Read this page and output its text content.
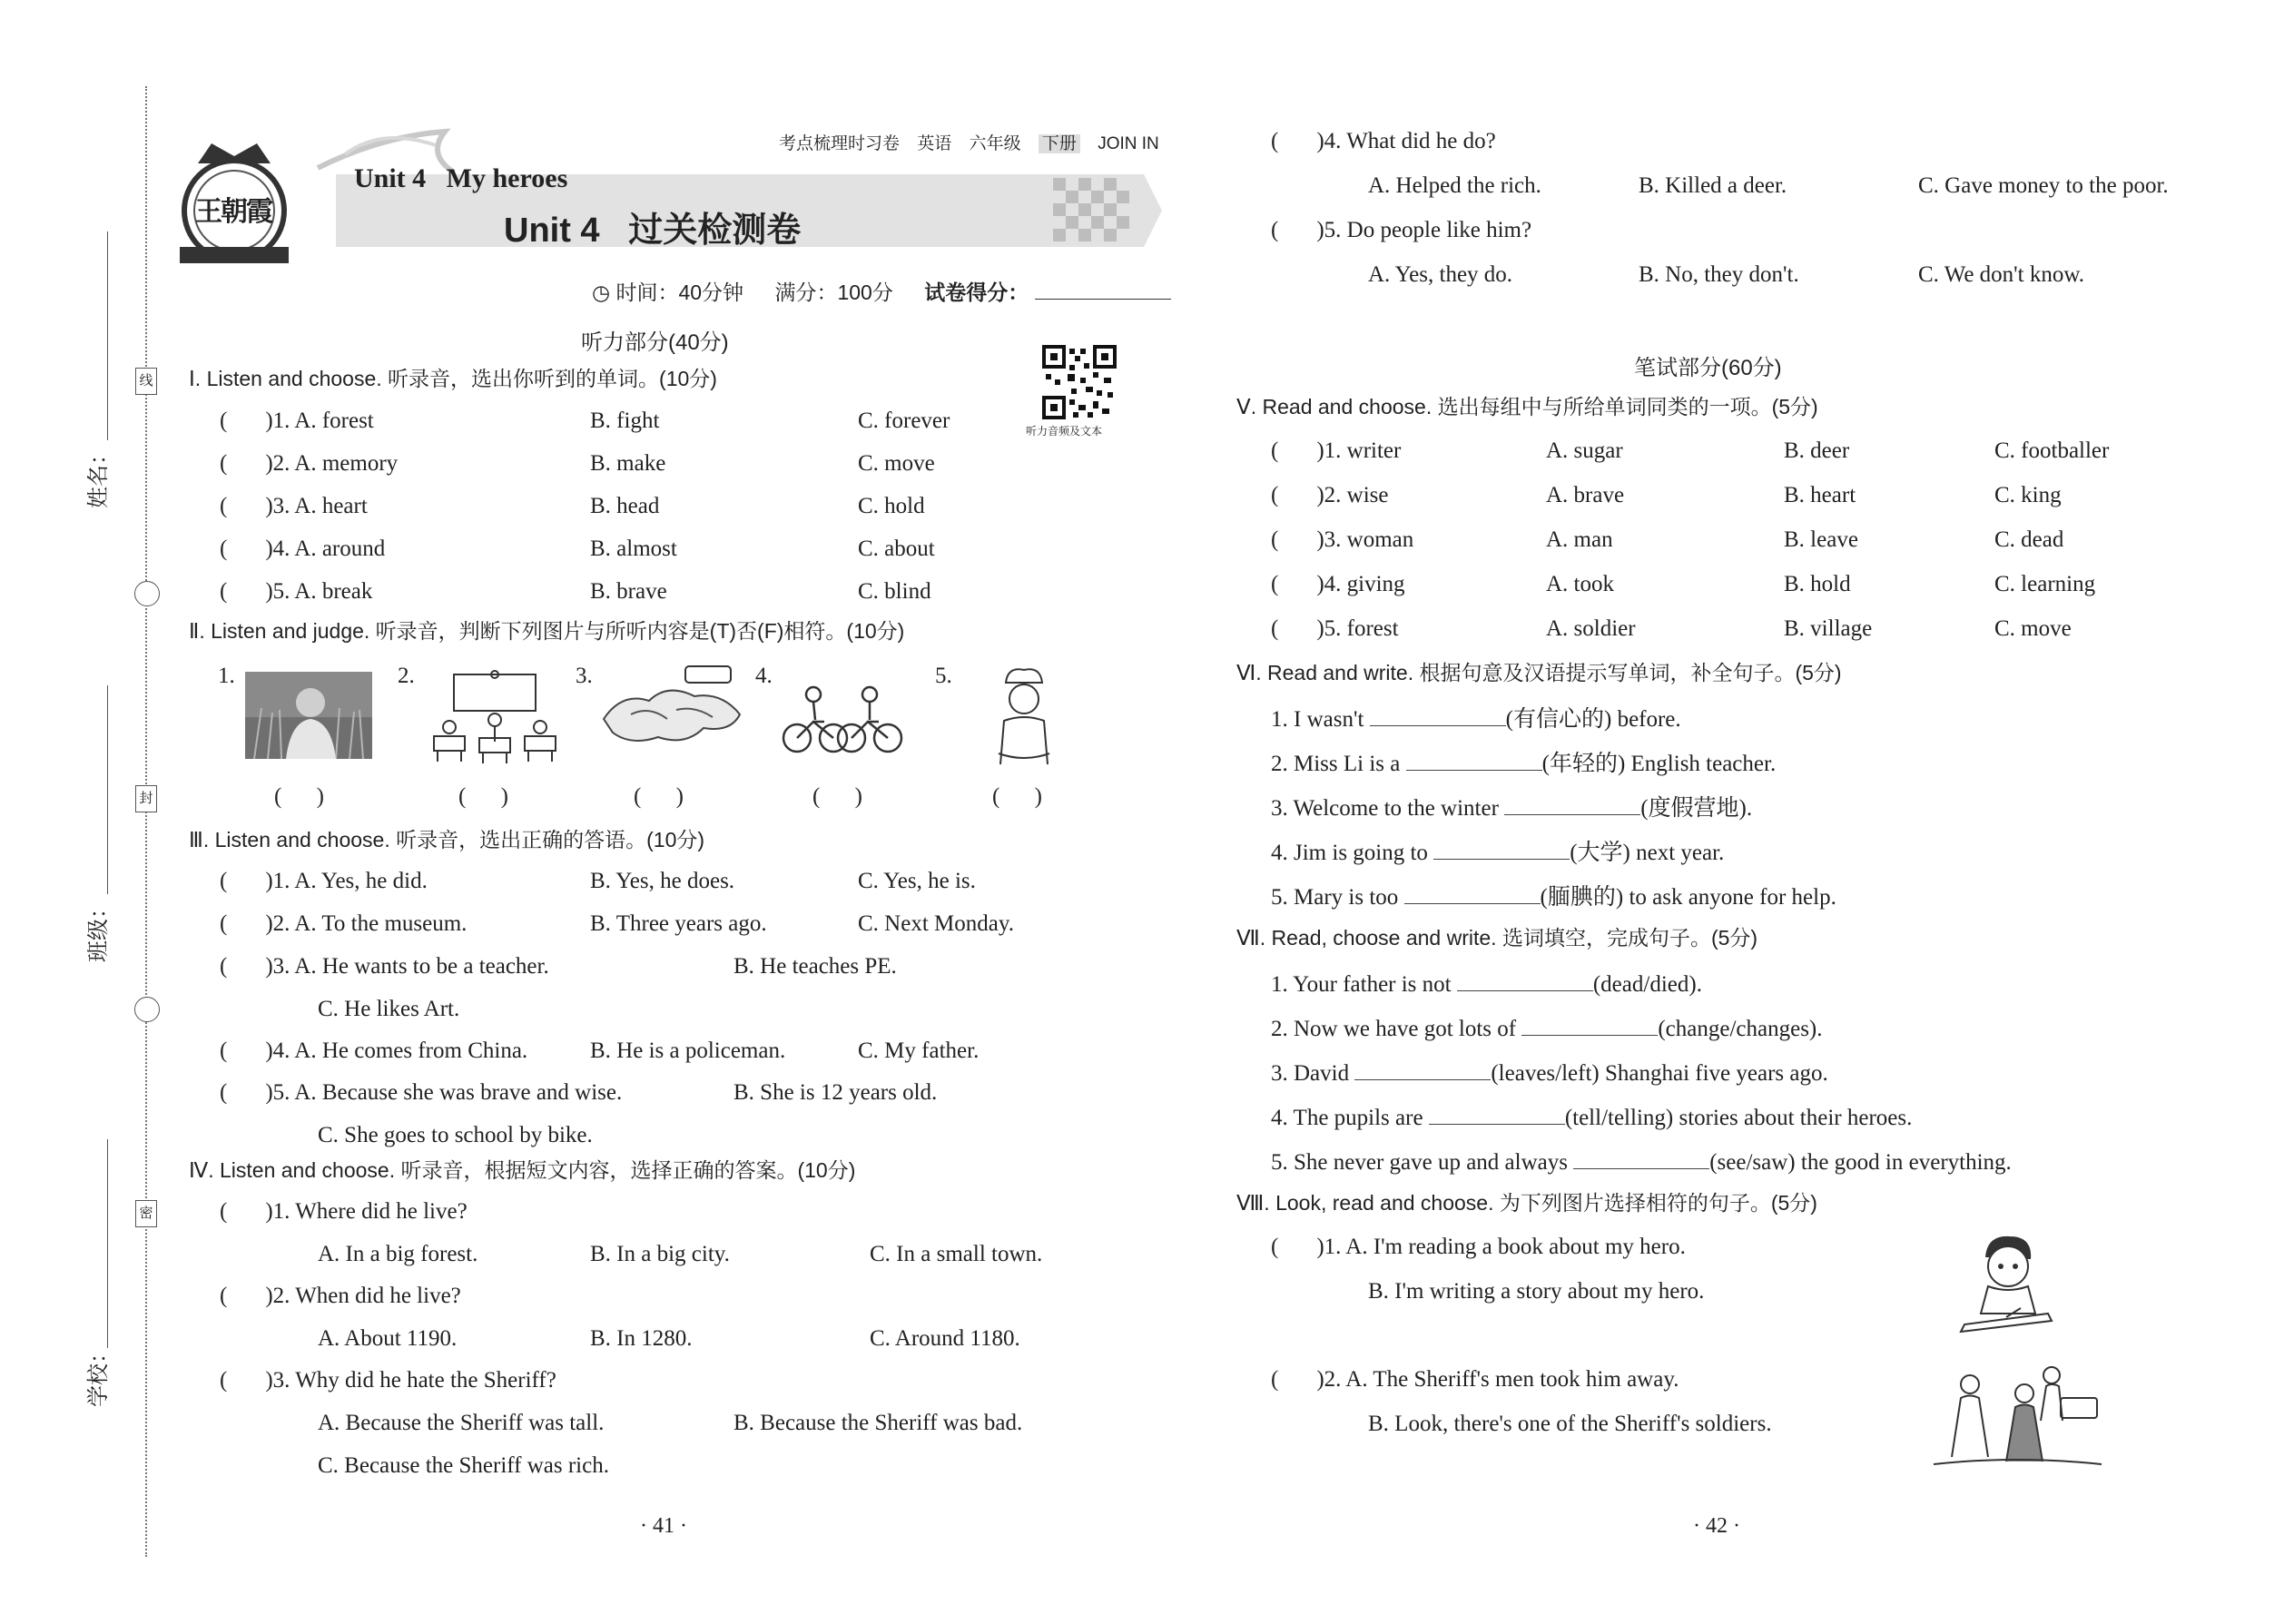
姓名：
班级：
学校：
线
封
密
考点梳理时习卷 英语 六年级 下册 JOIN IN
王朝霞
Unit 4   My heroes
Unit 4   过关检测卷
◷ 时间：40分钟 满分：100分 试卷得分：
听力音频及文本
听力部分(40分)
Ⅰ. Listen and choose. 听录音，选出你听到的单词。(10分)
( )1. A. forest	B. fight	C. forever
( )2. A. memory	B. make	C. move
( )3. A. heart	B. head	C. hold
( )4. A. around	B. almost	C. about
( )5. A. break	B. brave	C. blind
Ⅱ. Listen and judge. 听录音，判断下列图片与所听内容是(T)否(F)相符。(10分)
1.	2.	3.	4.	5.
( )	( )	( )	( )	( )
Ⅲ. Listen and choose. 听录音，选出正确的答语。(10分)
( )1. A. Yes, he did.	B. Yes, he does.	C. Yes, he is.
( )2. A. To the museum.	B. Three years ago.	C. Next Monday.
( )3. A. He wants to be a teacher.	B. He teaches PE.
C. He likes Art.
( )4. A. He comes from China.	B. He is a policeman.	C. My father.
( )5. A. Because she was brave and wise.	B. She is 12 years old.
C. She goes to school by bike.
Ⅳ. Listen and choose. 听录音，根据短文内容，选择正确的答案。(10分)
( )1. Where did he live?
A. In a big forest.	B. In a big city.	C. In a small town.
( )2. When did he live?
A. About 1190.	B. In 1280.	C. Around 1180.
( )3. Why did he hate the Sheriff?
A. Because the Sheriff was tall.	B. Because the Sheriff was bad.
C. Because the Sheriff was rich.
· 41 ·
( )4. What did he do?
A. Helped the rich.	B. Killed a deer.	C. Gave money to the poor.
( )5. Do people like him?
A. Yes, they do.	B. No, they don't.	C. We don't know.
笔试部分(60分)
Ⅴ. Read and choose. 选出每组中与所给单词同类的一项。(5分)
( )1. writer	A. sugar	B. deer	C. footballer
( )2. wise	A. brave	B. heart	C. king
( )3. woman	A. man	B. leave	C. dead
( )4. giving	A. took	B. hold	C. learning
( )5. forest	A. soldier	B. village	C. move
Ⅵ. Read and write. 根据句意及汉语提示写单词，补全句子。(5分)
1. I wasn't	(有信心的) before.
2. Miss Li is a	(年轻的) English teacher.
3. Welcome to the winter	(度假营地).
4. Jim is going to	(大学) next year.
5. Mary is too	(腼腆的) to ask anyone for help.
Ⅶ. Read, choose and write. 选词填空，完成句子。(5分)
1. Your father is not	(dead/died).
2. Now we have got lots of	(change/changes).
3. David	(leaves/left) Shanghai five years ago.
4. The pupils are	(tell/telling) stories about their heroes.
5. She never gave up and always	(see/saw) the good in everything.
Ⅷ. Look, read and choose. 为下列图片选择相符的句子。(5分)
( )1. A. I'm reading a book about my hero.
B. I'm writing a story about my hero.
( )2. A. The Sheriff's men took him away.
B. Look, there's one of the Sheriff's soldiers.
· 42 ·
